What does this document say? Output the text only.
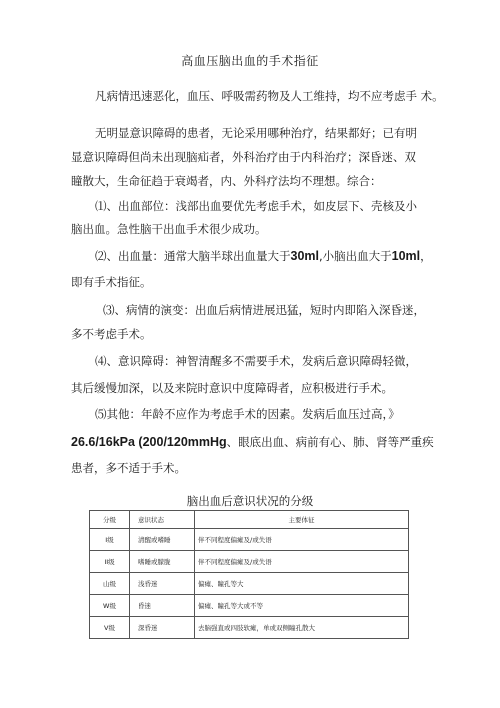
高血压脑出血的手术指征
凡病情迅速恶化，血压、呼吸需药物及人工维持，均不应考虑手 术。
无明显意识障碍的患者，无论采用哪种治疗，结果都好；已有明
显意识障碍但尚未出现脑疝者，外科治疗由于内科治疗；深昏迷、双
瞳散大，生命征趋于衰竭者，内、外科疗法均不理想。综合：
⑴、出血部位：浅部出血要优先考虑手术，如皮层下、壳核及小
脑出血。急性脑干出血手术很少成功。
⑵、出血量：通常大脑半球出血量大于30ml,小脑出血大于10ml，
即有手术指征。
⑶、病情的演变：出血后病情进展迅猛，短时内即陷入深昏迷，
多不考虑手术。
⑷、意识障碍：神智清醒多不需要手术，发病后意识障碍轻微，
其后缓慢加深，以及来院时意识中度障碍者，应积极进行手术。
⑸其他：年龄不应作为考虑手术的因素。发病后血压过高，》
26.6/16kPa (200/120mmHg、眼底出血、病前有心、肺、肾等严重疾
患者，多不适于手术。
脑出血后意识状况的分级
分级	意识状态	主要体征
I级	清醒或嗜睡	伴不同程度偏瘫及/或失语
II级	嗜睡或朦胧	伴不同程度偏瘫及/或失语
山级	浅昏迷	偏瘫、瞳孔等大
W级	昏迷	偏瘫、瞳孔等大或不等
V级	深昏迷	去脑强直或四肢软瘫，单或双侧瞳孔散大
